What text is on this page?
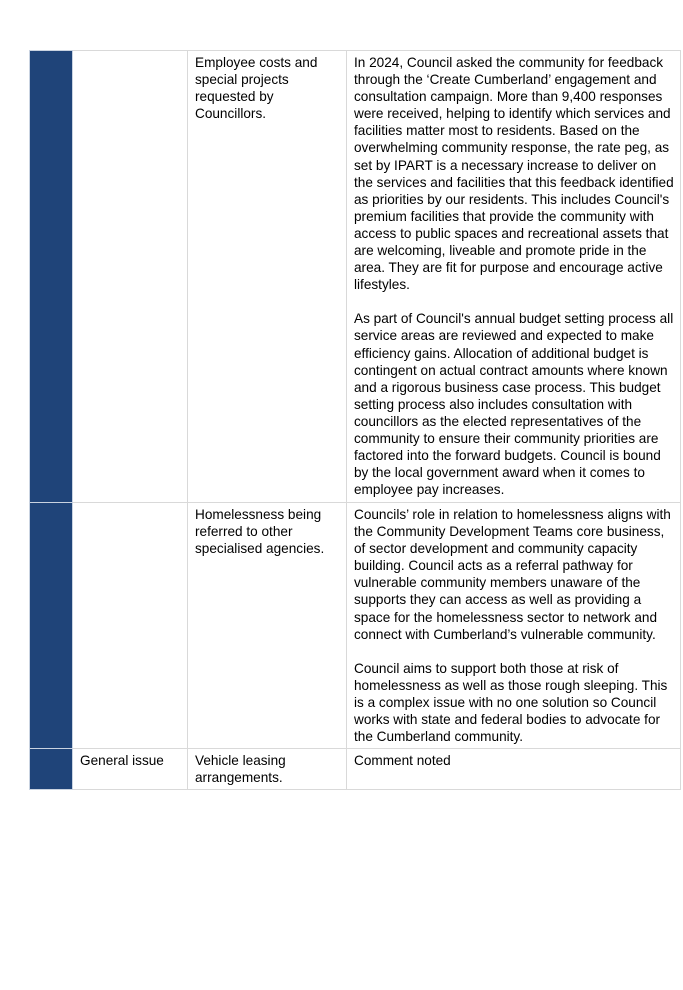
		Employee costs and special projects requested by Councillors.	In 2024, Council asked the community for feedback through the ‘Create Cumberland’ engagement and consultation campaign. More than 9,400 responses were received, helping to identify which services and facilities matter most to residents. Based on the overwhelming community response, the rate peg, as set by IPART is a necessary increase to deliver on the services and facilities that this feedback identified as priorities by our residents. This includes Council's premium facilities that provide the community with access to public spaces and recreational assets that are welcoming, liveable and promote pride in the area. They are fit for purpose and encourage active lifestyles.

As part of Council's annual budget setting process all service areas are reviewed and expected to make efficiency gains. Allocation of additional budget is contingent on actual contract amounts where known and a rigorous business case process. This budget setting process also includes consultation with councillors as the elected representatives of the community to ensure their community priorities are factored into the forward budgets. Council is bound by the local government award when it comes to employee pay increases.

		Homelessness being referred to other specialised agencies.	Councils’ role in relation to homelessness aligns with the Community Development Teams core business, of sector development and community capacity building. Council acts as a referral pathway for vulnerable community members unaware of the supports they can access as well as providing a space for the homelessness sector to network and connect with Cumberland’s vulnerable community.

Council aims to support both those at risk of homelessness as well as those rough sleeping. This is a complex issue with no one solution so Council works with state and federal bodies to advocate for the Cumberland community.

	General issue	Vehicle leasing arrangements.	Comment noted
